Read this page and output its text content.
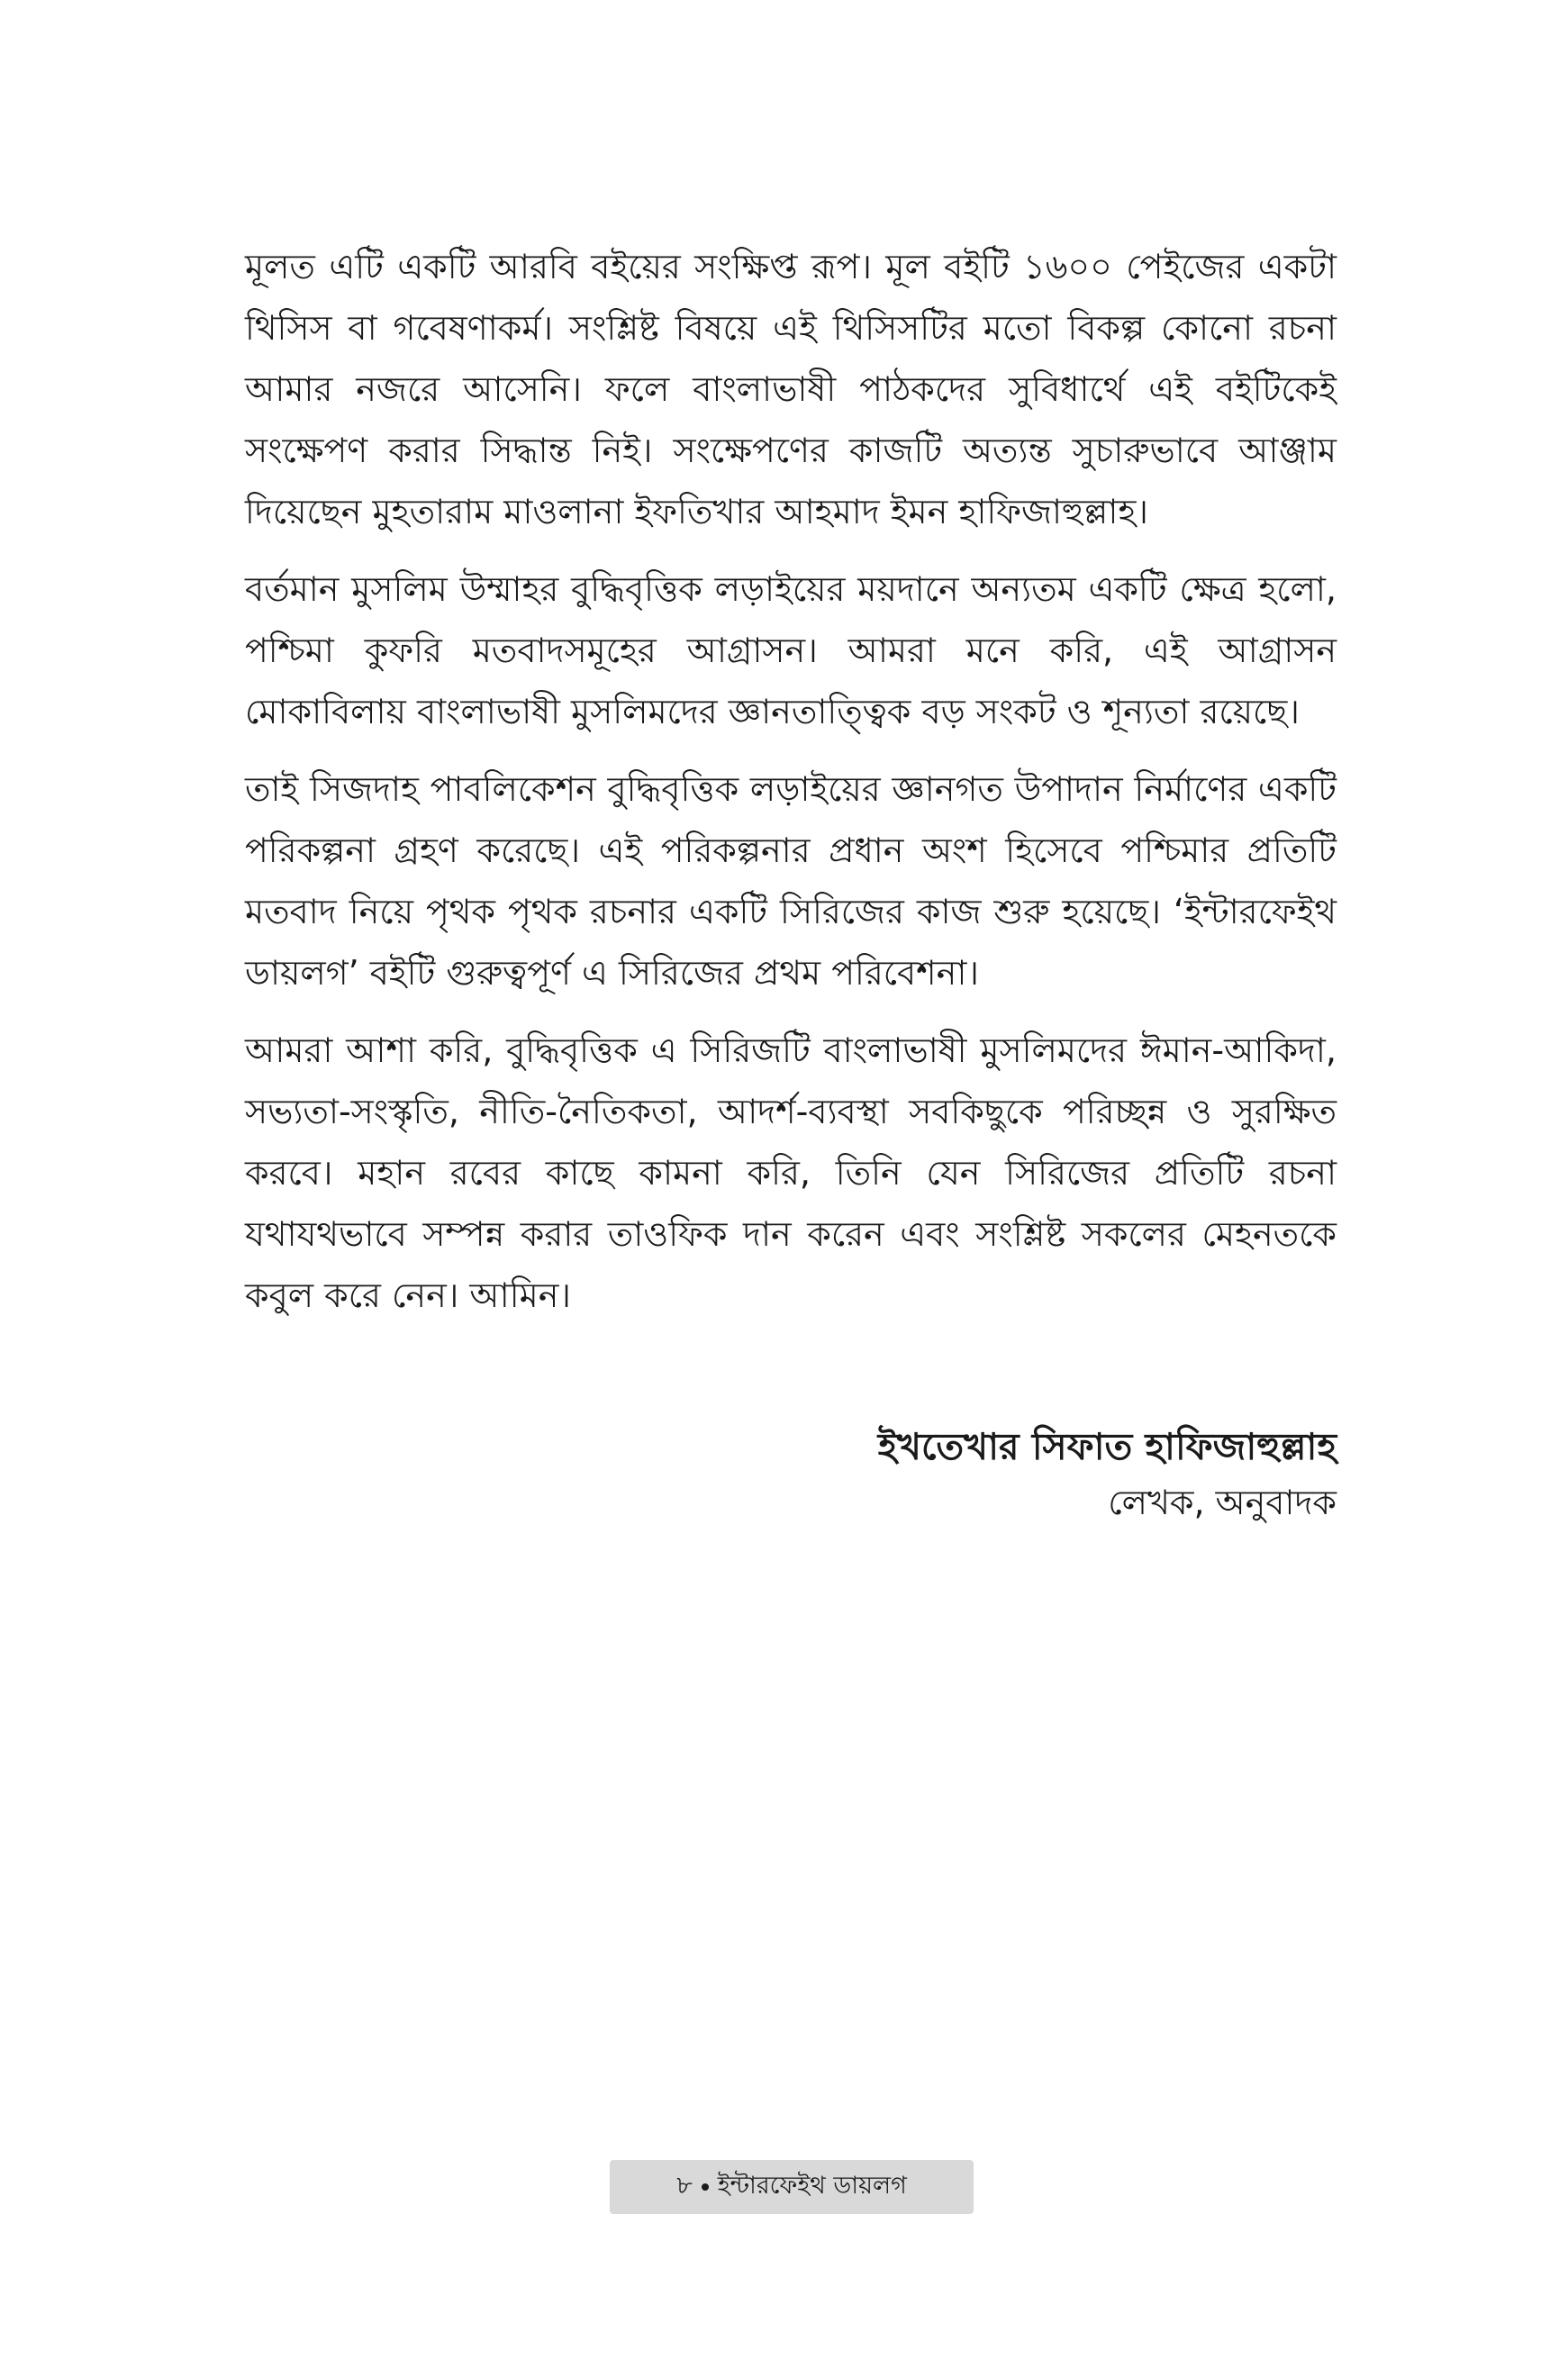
মূলত এটি একটি আরবি বইয়ের সংক্ষিপ্ত রূপ। মূল বইটি ১৬০০ পেইজের একটা থিসিস বা গবেষণাকর্ম। সংশ্লিষ্ট বিষয়ে এই থিসিসটির মতো বিকল্প কোনো রচনা আমার নজরে আসেনি। ফলে বাংলাভাষী পাঠকদের সুবিধার্থে এই বইটিকেই সংক্ষেপণ করার সিদ্ধান্ত নিই। সংক্ষেপণের কাজটি অত্যন্ত সুচারুভাবে আঞ্জাম দিয়েছেন মুহতারাম মাওলানা ইফতিখার আহমাদ ইমন হাফিজাহুল্লাহ।

বর্তমান মুসলিম উম্মাহর বুদ্ধিবৃত্তিক লড়াইয়ের ময়দানে অন্যতম একটি ক্ষেত্র হলো, পশ্চিমা কুফরি মতবাদসমূহের আগ্রাসন। আমরা মনে করি, এই আগ্রাসন মোকাবিলায় বাংলাভাষী মুসলিমদের জ্ঞানতাত্ত্বিক বড় সংকট ও শূন্যতা রয়েছে।

তাই সিজদাহ পাবলিকেশন বুদ্ধিবৃত্তিক লড়াইয়ের জ্ঞানগত উপাদান নির্মাণের একটি পরিকল্পনা গ্রহণ করেছে। এই পরিকল্পনার প্রধান অংশ হিসেবে পশ্চিমার প্রতিটি মতবাদ নিয়ে পৃথক পৃথক রচনার একটি সিরিজের কাজ শুরু হয়েছে। ‘ইন্টারফেইথ ডায়লগ’ বইটি গুরুত্বপূর্ণ এ সিরিজের প্রথম পরিবেশনা।

আমরা আশা করি, বুদ্ধিবৃত্তিক এ সিরিজটি বাংলাভাষী মুসলিমদের ঈমান-আকিদা, সভ্যতা-সংস্কৃতি, নীতি-নৈতিকতা, আদর্শ-ব্যবস্থা সবকিছুকে পরিচ্ছন্ন ও সুরক্ষিত করবে। মহান রবের কাছে কামনা করি, তিনি যেন সিরিজের প্রতিটি রচনা যথাযথভাবে সম্পন্ন করার তাওফিক দান করেন এবং সংশ্লিষ্ট সকলের মেহনতকে কবুল করে নেন। আমিন।

ইখতেখার সিফাত হাফিজাহুল্লাহ
লেখক, অনুবাদক
৮ ইন্টারফেইথ ডায়লগ
